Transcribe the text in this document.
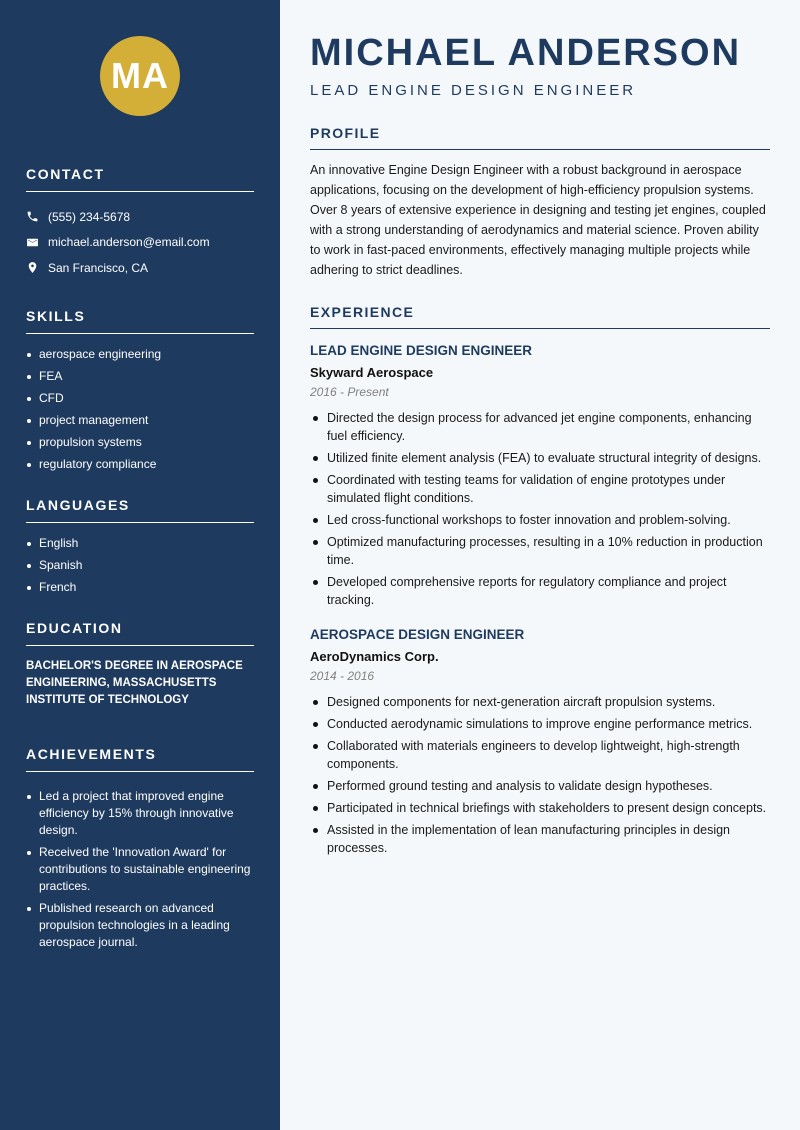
MA
CONTACT
(555) 234-5678
michael.anderson@email.com
San Francisco, CA
SKILLS
aerospace engineering
FEA
CFD
project management
propulsion systems
regulatory compliance
LANGUAGES
English
Spanish
French
EDUCATION
BACHELOR'S DEGREE IN AEROSPACE ENGINEERING, MASSACHUSETTS INSTITUTE OF TECHNOLOGY
ACHIEVEMENTS
Led a project that improved engine efficiency by 15% through innovative design.
Received the 'Innovation Award' for contributions to sustainable engineering practices.
Published research on advanced propulsion technologies in a leading aerospace journal.
MICHAEL ANDERSON
LEAD ENGINE DESIGN ENGINEER
PROFILE

An innovative Engine Design Engineer with a robust background in aerospace applications, focusing on the development of high-efficiency propulsion systems. Over 8 years of extensive experience in designing and testing jet engines, coupled with a strong understanding of aerodynamics and material science. Proven ability to work in fast-paced environments, effectively managing multiple projects while adhering to strict deadlines.

EXPERIENCE
LEAD ENGINE DESIGN ENGINEER
Skyward Aerospace
2016 - Present
Directed the design process for advanced jet engine components, enhancing fuel efficiency.
Utilized finite element analysis (FEA) to evaluate structural integrity of designs.
Coordinated with testing teams for validation of engine prototypes under simulated flight conditions.
Led cross-functional workshops to foster innovation and problem-solving.
Optimized manufacturing processes, resulting in a 10% reduction in production time.
Developed comprehensive reports for regulatory compliance and project tracking.
AEROSPACE DESIGN ENGINEER
AeroDynamics Corp.
2014 - 2016
Designed components for next-generation aircraft propulsion systems.
Conducted aerodynamic simulations to improve engine performance metrics.
Collaborated with materials engineers to develop lightweight, high-strength components.
Performed ground testing and analysis to validate design hypotheses.
Participated in technical briefings with stakeholders to present design concepts.
Assisted in the implementation of lean manufacturing principles in design processes.
